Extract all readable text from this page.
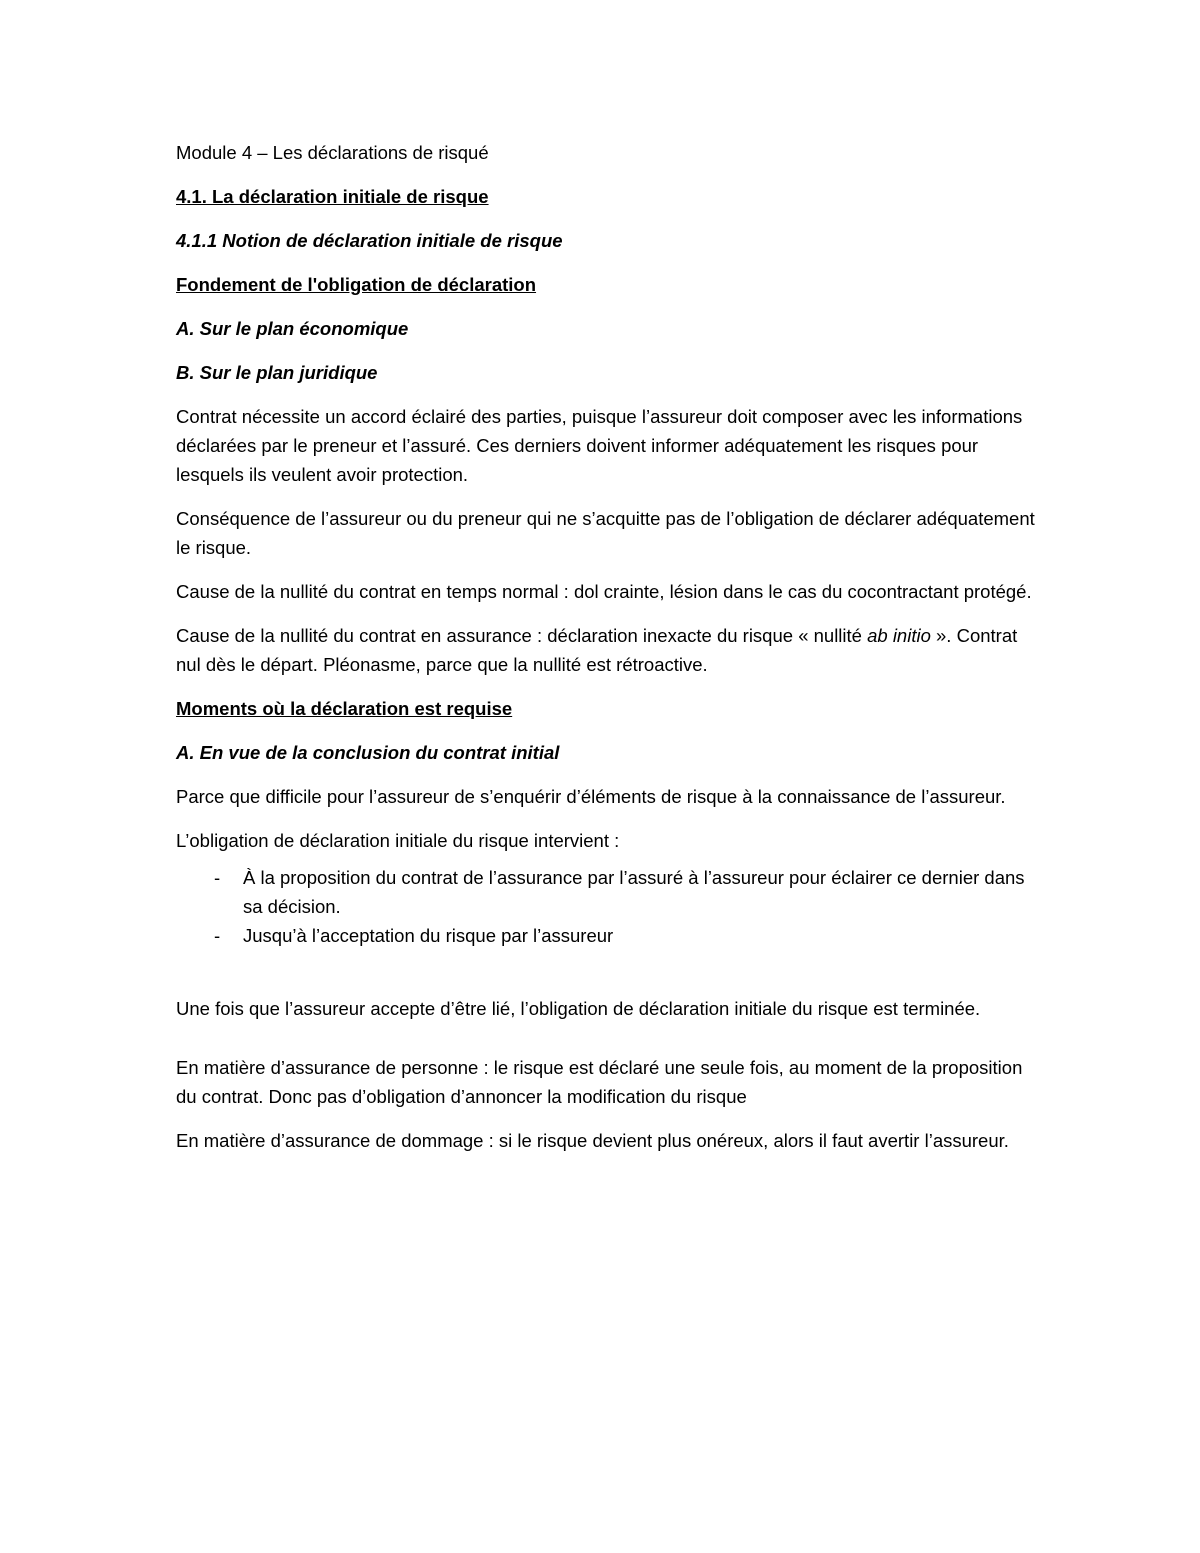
Module 4 – Les déclarations de risqué

4.1. La déclaration initiale de risque

4.1.1 Notion de déclaration initiale de risque

Fondement de l'obligation de déclaration

A. Sur le plan économique

B. Sur le plan juridique

Contrat nécessite un accord éclairé des parties, puisque l’assureur doit composer avec les informations déclarées par le preneur et l’assuré. Ces derniers doivent informer adéquatement les risques pour lesquels ils veulent avoir protection.

Conséquence de l’assureur ou du preneur qui ne s’acquitte pas de l’obligation de déclarer adéquatement le risque.

Cause de la nullité du contrat en temps normal : dol crainte, lésion dans le cas du cocontractant protégé.

Cause de la nullité du contrat en assurance : déclaration inexacte du risque « nullité ab initio ». Contrat nul dès le départ. Pléonasme, parce que la nullité est rétroactive.

Moments où la déclaration est requise

A. En vue de la conclusion du contrat initial

Parce que difficile pour l’assureur de s’enquérir d’éléments de risque à la connaissance de l’assureur.

L’obligation de déclaration initiale du risque intervient :

- À la proposition du contrat de l’assurance par l’assuré à l’assureur pour éclairer ce dernier dans sa décision.
- Jusqu’à l’acceptation du risque par l’assureur

Une fois que l’assureur accepte d’être lié, l’obligation de déclaration initiale du risque est terminée.

En matière d’assurance de personne : le risque est déclaré une seule fois, au moment de la proposition du contrat. Donc pas d’obligation d’annoncer la modification du risque

En matière d’assurance de dommage : si le risque devient plus onéreux, alors il faut avertir l’assureur.
